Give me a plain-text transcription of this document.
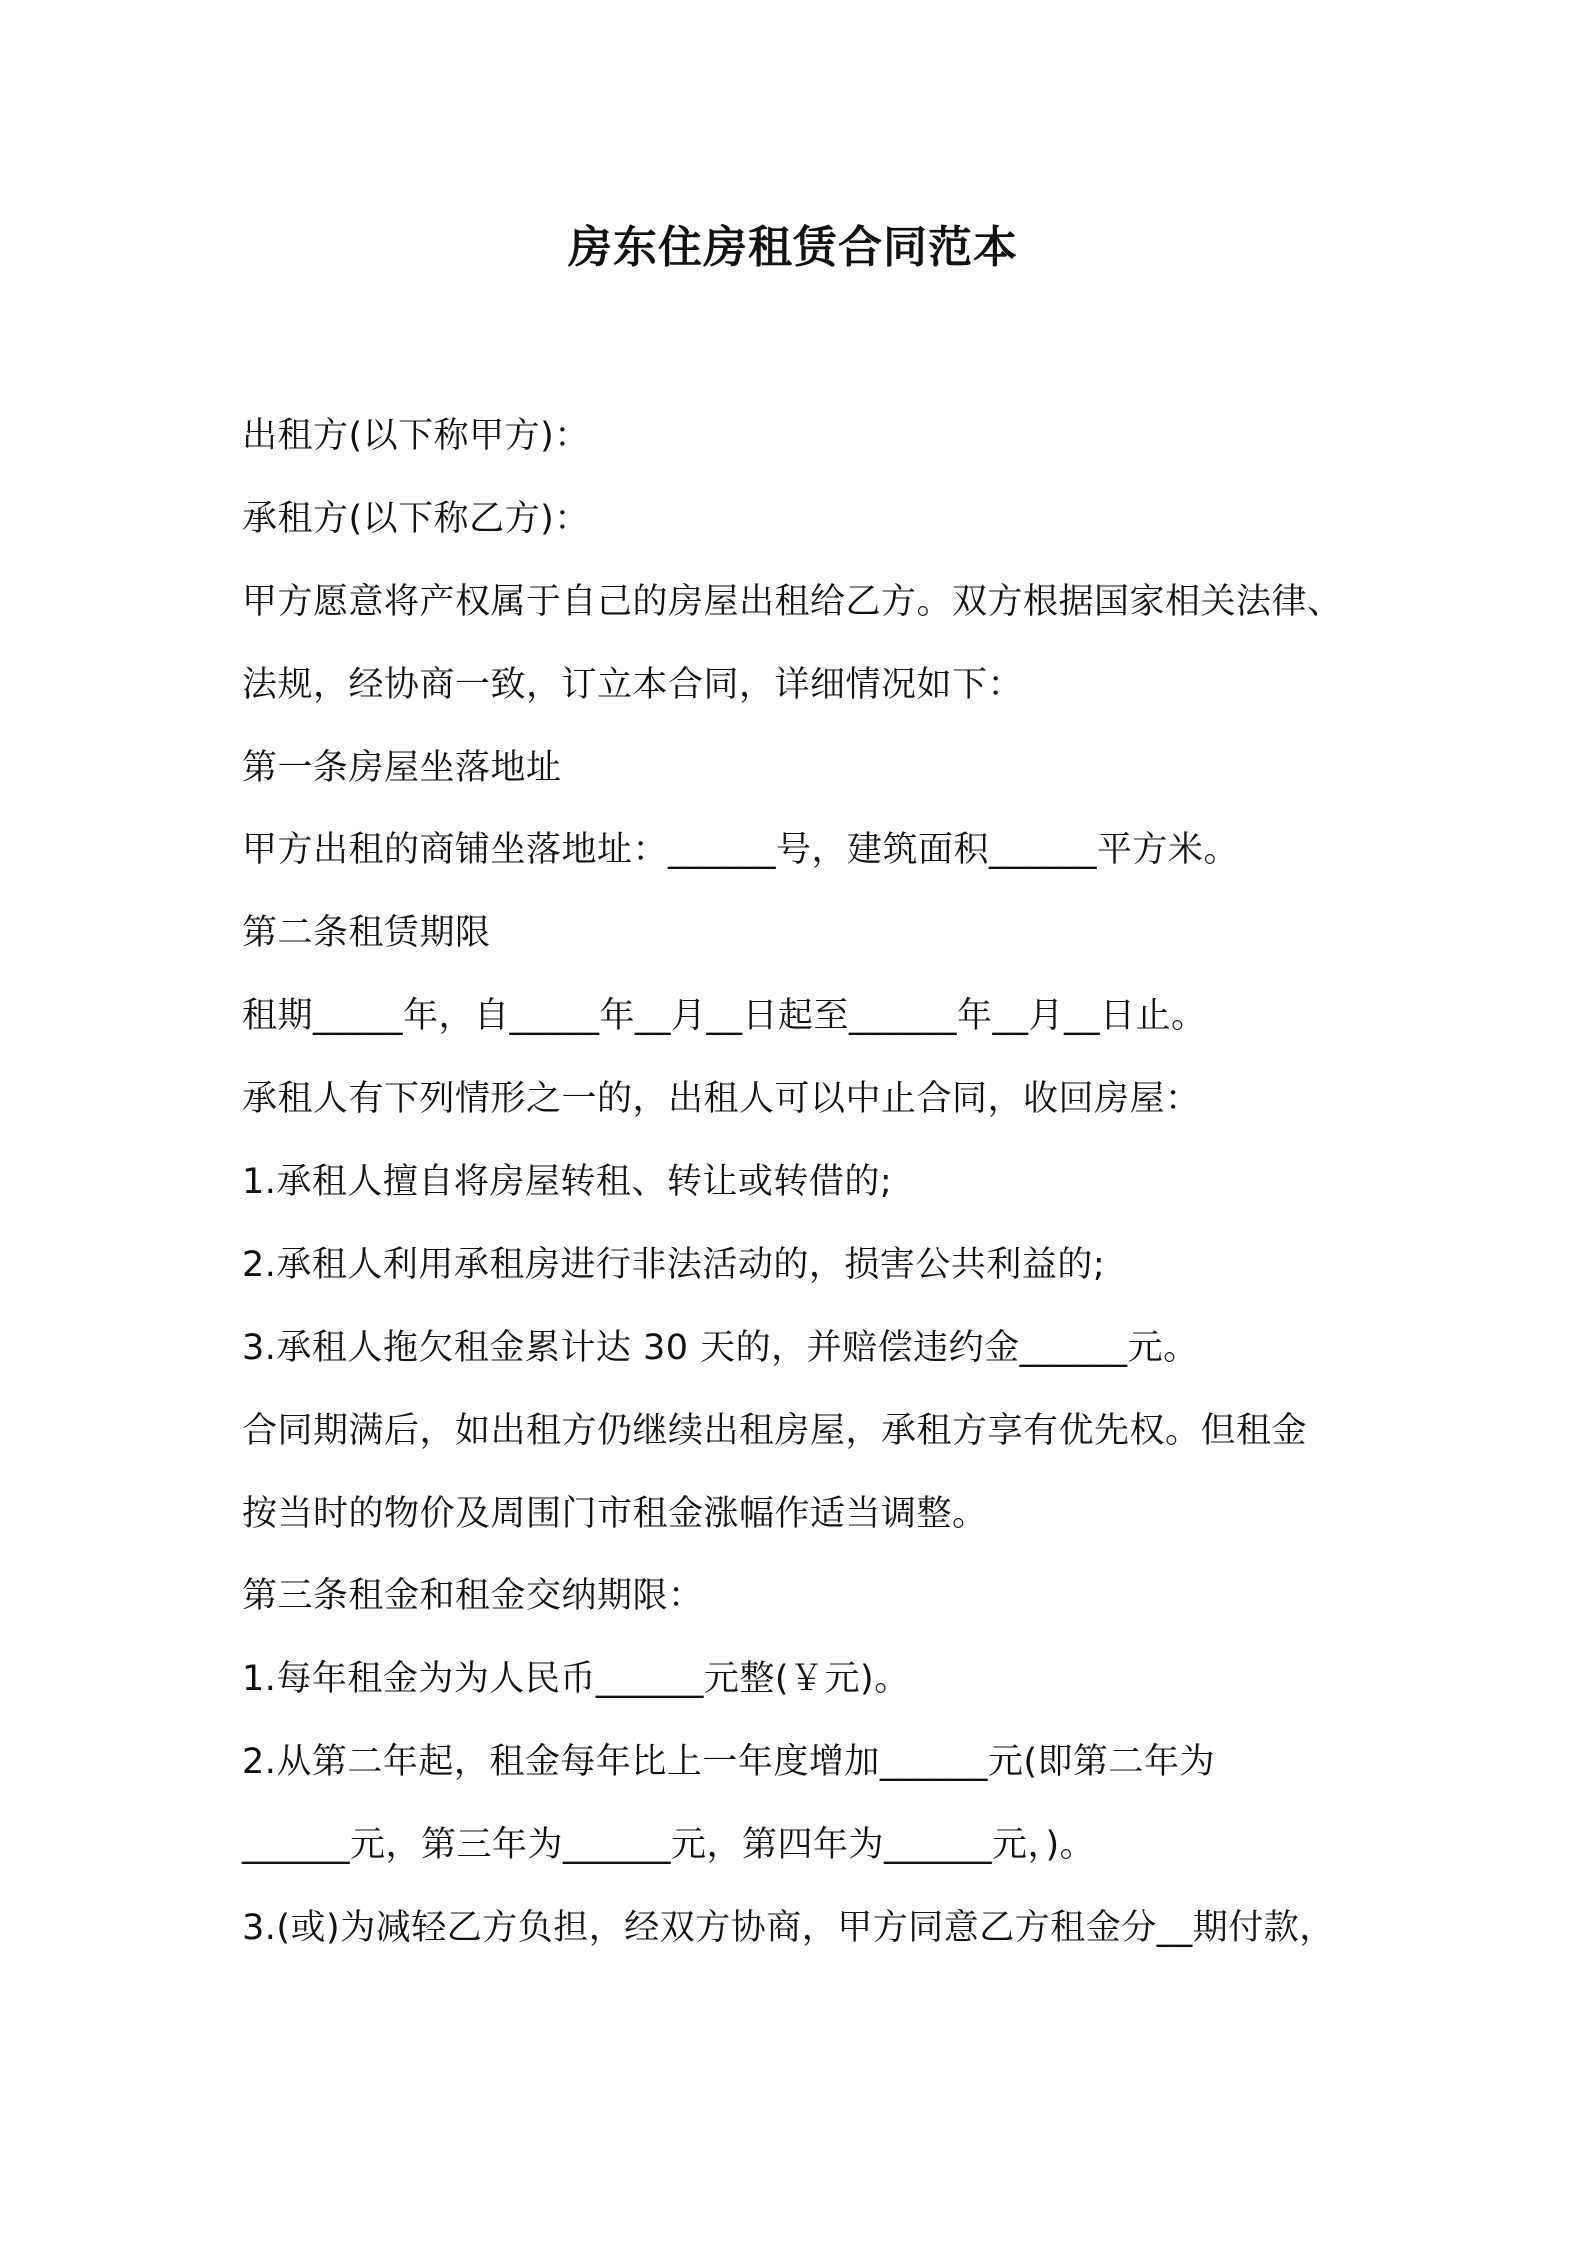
房东住房租赁合同范本
出租方(以下称甲方)：
承租方(以下称乙方)：
甲方愿意将产权属于自己的房屋出租给乙方。双方根据国家相关法律、
法规，经协商一致，订立本合同，详细情况如下：
第一条房屋坐落地址
甲方出租的商铺坐落地址：______号，建筑面积______平方米。
第二条租赁期限
租期_____年，自_____年__月__日起至______年__月__日止。
承租人有下列情形之一的，出租人可以中止合同，收回房屋：
1.承租人擅自将房屋转租、转让或转借的;
2.承租人利用承租房进行非法活动的，损害公共利益的;
3.承租人拖欠租金累计达 30 天的，并赔偿违约金______元。
合同期满后，如出租方仍继续出租房屋，承租方享有优先权。但租金
按当时的物价及周围门市租金涨幅作适当调整。
第三条租金和租金交纳期限：
1.每年租金为为人民币______元整(￥元)。
2.从第二年起，租金每年比上一年度增加______元(即第二年为
______元，第三年为______元，第四年为______元，)。
3.(或)为减轻乙方负担，经双方协商，甲方同意乙方租金分__期付款，
